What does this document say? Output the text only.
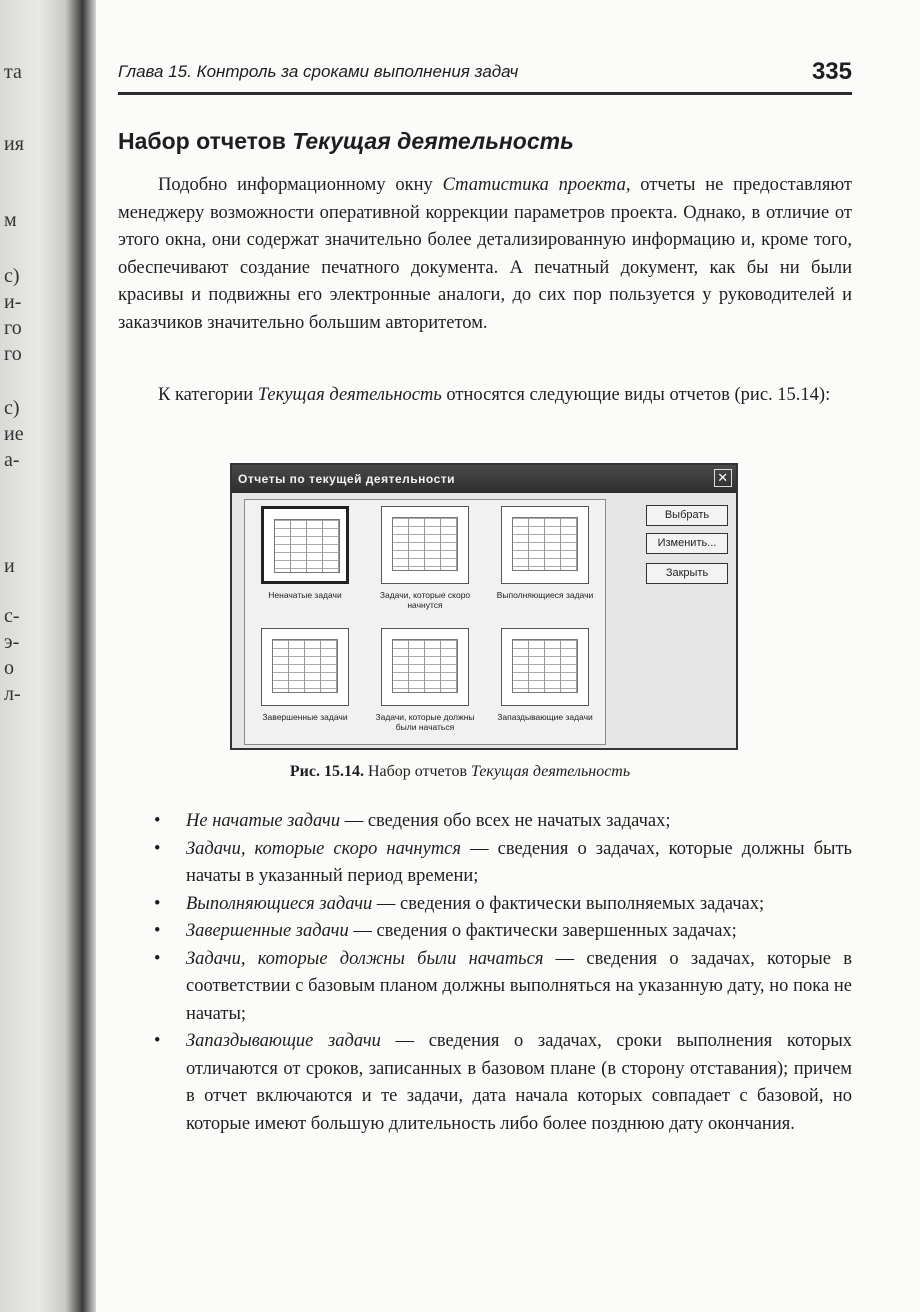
та
ия
м
с)
и-
го
го
с)
ие
а-
и
с-
э-
о
л-
Глава 15. Контроль за сроками выполнения задач	335
Набор отчетов Текущая деятельность

Подобно информационному окну Статистика проекта, отчеты не предоставляют менеджеру возможности оперативной коррекции параметров проекта. Однако, в отличие от этого окна, они содержат значительно более детализированную информацию и, кроме того, обеспечивают создание печатного документа. А печатный документ, как бы ни были красивы и подвижны его электронные аналоги, до сих пор пользуется у руководителей и заказчиков значительно большим авторитетом.

К категории Текущая деятельность относятся следующие виды отчетов (рис. 15.14):

Отчеты по текущей деятельности	✕
Неначатые задачи	Задачи, которые скоро начнутся
Выполняющиеся задачи
Завершенные задачи	Задачи, которые должны были начаться
Запаздывающие задачи
Выбрать
Изменить...
Закрыть
Рис. 15.14. Набор отчетов Текущая деятельность
• Не начатые задачи — сведения обо всех не начатых задачах;
• Задачи, которые скоро начнутся — сведения о задачах, которые должны быть начаты в указанный период времени;
• Выполняющиеся задачи — сведения о фактически выполняемых задачах;
• Завершенные задачи — сведения о фактически завершенных задачах;
• Задачи, которые должны были начаться — сведения о задачах, которые в соответствии с базовым планом должны выполняться на указанную дату, но пока не начаты;
• Запаздывающие задачи — сведения о задачах, сроки выполнения которых отличаются от сроков, записанных в базовом плане (в сторону отставания); причем в отчет включаются и те задачи, дата начала которых совпадает с базовой, но которые имеют большую длительность либо более позднюю дату окончания.
